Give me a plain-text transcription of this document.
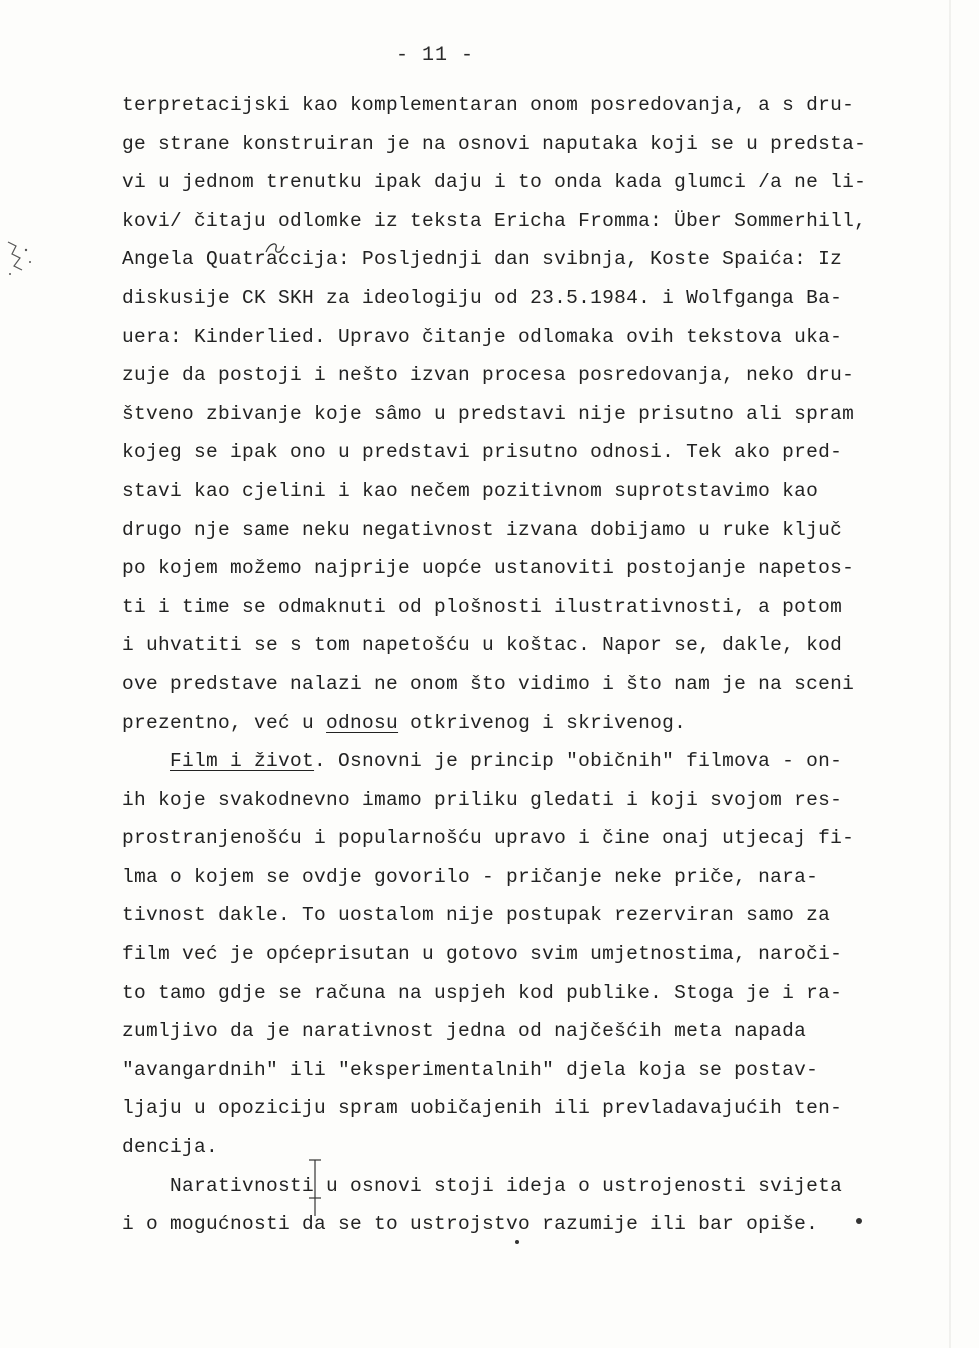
- 11 -
terpretacijski kao komplementaran onom posredovanja, a s dru-
ge strane konstruiran je na osnovi naputaka koji se u predsta-
vi u jednom trenutku ipak daju i to onda kada glumci /a ne li-
kovi/ čitaju odlomke iz teksta Ericha Fromma: Über Sommerhill,
Angela Quatraccija: Posljednji dan svibnja, Koste Spaića: Iz
diskusije CK SKH za ideologiju od 23.5.1984. i Wolfganga Ba-
uera: Kinderlied. Upravo čitanje odlomaka ovih tekstova uka-
zuje da postoji i nešto izvan procesa posredovanja, neko dru-
štveno zbivanje koje sâmo u predstavi nije prisutno ali spram
kojeg se ipak ono u predstavi prisutno odnosi. Tek ako pred-
stavi kao cjelini i kao nečem pozitivnom suprotstavimo kao
drugo nje same neku negativnost izvana dobijamo u ruke ključ
po kojem možemo najprije uopće ustanoviti postojanje napetos-
ti i time se odmaknuti od plošnosti ilustrativnosti, a potom
i uhvatiti se s tom napetošću u koštac. Napor se, dakle, kod
ove predstave nalazi ne onom što vidimo i što nam je na sceni
prezentno, već u odnosu otkrivenog i skrivenog.
Film i život. Osnovni je princip "običnih" filmova - on-
ih koje svakodnevno imamo priliku gledati i koji svojom res-
prostranjenošću i popularnošću upravo i čine onaj utjecaj fi-
lma o kojem se ovdje govorilo - pričanje neke priče, nara-
tivnost dakle. To uostalom nije postupak rezerviran samo za
film već je općeprisutan u gotovo svim umjetnostima, naroči-
to tamo gdje se računa na uspjeh kod publike. Stoga je i ra-
zumljivo da je narativnost jedna od najčešćih meta napada
"avangardnih" ili "eksperimentalnih" djela koja se postav-
ljaju u opoziciju spram uobičajenih ili prevladavajućih ten-
dencija.
Narativnosti u osnovi stoji ideja o ustrojenosti svijeta
i o mogućnosti da se to ustrojstvo razumije ili bar opiše.
